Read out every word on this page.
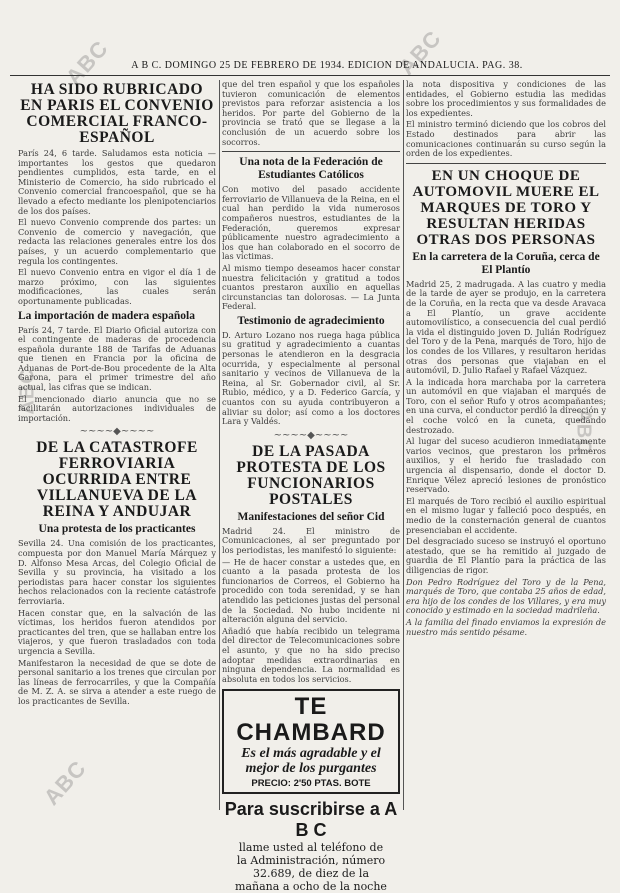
ABC	ABC
ABC
ABC
ABC
A B C. DOMINGO 25 DE FEBRERO DE 1934. EDICION DE ANDALUCIA. PAG. 38.
HA SIDO RUBRICADO EN PARIS EL CONVENIO COMERCIAL FRANCO-ESPAÑOL

París 24, 6 tarde. Saludamos esta noticia — importantes los gestos que quedaron pendientes cumplidos, esta tarde, en el Ministerio de Comercio, ha sido rubricado el Convenio comercial francoespañol, que se ha llevado a efecto mediante los plenipotenciarios de los dos países.

El nuevo Convenio comprende dos partes: un Convenio de comercio y navegación, que redacta las relaciones generales entre los dos países, y un acuerdo complementario que regula los contingentes.

El nuevo Convenio entra en vigor el día 1 de marzo próximo, con las siguientes modificaciones, las cuales serán oportunamente publicadas.

La importación de madera española

París 24, 7 tarde. El Diario Oficial autoriza con el contingente de maderas de procedencia española durante 188 de Tarifas de Aduanas que tienen en Francia por la oficina de Aduanas de Port-de-Bou procedente de la Alta Garona, para el primer trimestre del año actual, las cifras que se indican.

El mencionado diario anuncia que no se facilitarán autorizaciones individuales de importación.

~~~~◆~~~~
DE LA CATASTROFE FERROVIARIA OCURRIDA ENTRE VILLANUEVA DE LA REINA Y ANDUJAR
Una protesta de los practicantes

Sevilla 24. Una comisión de los practicantes, compuesta por don Manuel María Márquez y D. Alfonso Mesa Arcas, del Colegio Oficial de Sevilla y su provincia, ha visitado a los periodistas para hacer constar los siguientes hechos relacionados con la reciente catástrofe ferroviaria.

Hacen constar que, en la salvación de las víctimas, los heridos fueron atendidos por practicantes del tren, que se hallaban entre los viajeros, y que fueron trasladados con toda urgencia a Sevilla.

Manifestaron la necesidad de que se dote de personal sanitario a los trenes que circulan por las líneas de ferrocarriles, y que la Compañía de M. Z. A. se sirva a atender a este ruego de los practicantes de Sevilla.

que del tren español y que los españoles tuvieron comunicación de elementos previstos para reforzar asistencia a los heridos. Por parte del Gobierno de la provincia se trató que se llegase a la conclusión de un acuerdo sobre los socorros.

Una nota de la Federación de Estudiantes Católicos

Con motivo del pasado accidente ferroviario de Villanueva de la Reina, en el cual han perdido la vida numerosos compañeros nuestros, estudiantes de la Federación, queremos expresar públicamente nuestro agradecimiento a los que han colaborado en el socorro de las víctimas.

Al mismo tiempo deseamos hacer constar nuestra felicitación y gratitud a todos cuantos prestaron auxilio en aquellas circunstancias tan dolorosas. — La Junta Federal.

Testimonio de agradecimiento

D. Arturo Lozano nos ruega haga pública su gratitud y agradecimiento a cuantas personas le atendieron en la desgracia ocurrida, y especialmente al personal sanitario y vecinos de Villanueva de la Reina, al Sr. Gobernador civil, al Sr. Rubio, médico, y a D. Federico García, y cuantos con su ayuda contribuyeron a aliviar su dolor; así como a los doctores Lara y Valdés.

~~~~◆~~~~
DE LA PASADA PROTESTA DE LOS FUNCIONARIOS POSTALES
Manifestaciones del señor Cid

Madrid 24. El ministro de Comunicaciones, al ser preguntado por los periodistas, les manifestó lo siguiente:

— He de hacer constar a ustedes que, en cuanto a la pasada protesta de los funcionarios de Correos, el Gobierno ha procedido con toda serenidad, y se han atendido las peticiones justas del personal de la Sociedad. No hubo incidente ni alteración alguna del servicio.

Añadió que había recibido un telegrama del director de Telecomunicaciones sobre el asunto, y que no ha sido preciso adoptar medidas extraordinarias en ninguna dependencia. La normalidad es absoluta en todos los servicios.

TE CHAMBARD
Es el más agradable y el
mejor de los purgantes
PRECIO: 2'50 PTAS. BOTE
Para suscribirse a A B C
llame usted al teléfono de
la Administración, número
32.689, de diez de la
mañana a ocho de la noche

la nota dispositiva y condiciones de las entidades, el Gobierno estudia las medidas sobre los procedimientos y sus formalidades de los expedientes.

El ministro terminó diciendo que los cobros del Estado destinados para abrir las comunicaciones continuarán su curso según la orden de los expedientes.

EN UN CHOQUE DE AUTOMOVIL MUERE EL MARQUES DE TORO Y RESULTAN HERIDAS OTRAS DOS PERSONAS
En la carretera de la Coruña, cerca de El Plantío

Madrid 25, 2 madrugada. A las cuatro y media de la tarde de ayer se produjo, en la carretera de la Coruña, en la recta que va desde Aravaca a El Plantío, un grave accidente automovilístico, a consecuencia del cual perdió la vida el distinguido joven D. Julián Rodríguez del Toro y de la Pena, marqués de Toro, hijo de los condes de los Villares, y resultaron heridas otras dos personas que viajaban en el automóvil, D. Julio Rafael y Rafael Vázquez.

A la indicada hora marchaba por la carretera un automóvil en que viajaban el marqués de Toro, con el señor Rufo y otros acompañantes; en una curva, el conductor perdió la dirección y el coche volcó en la cuneta, quedando destrozado.

Al lugar del suceso acudieron inmediatamente varios vecinos, que prestaron los primeros auxilios, y el herido fue trasladado con urgencia al dispensario, donde el doctor D. Enrique Vélez apreció lesiones de pronóstico reservado.

El marqués de Toro recibió el auxilio espiritual en el mismo lugar y falleció poco después, en medio de la consternación general de cuantos presenciaban el accidente.

Del desgraciado suceso se instruyó el oportuno atestado, que se ha remitido al juzgado de guardia de El Plantío para la práctica de las diligencias de rigor.

Don Pedro Rodríguez del Toro y de la Pena, marqués de Toro, que contaba 25 años de edad, era hijo de los condes de los Villares, y era muy conocido y estimado en la sociedad madrileña.

A la familia del finado enviamos la expresión de nuestro más sentido pésame.
